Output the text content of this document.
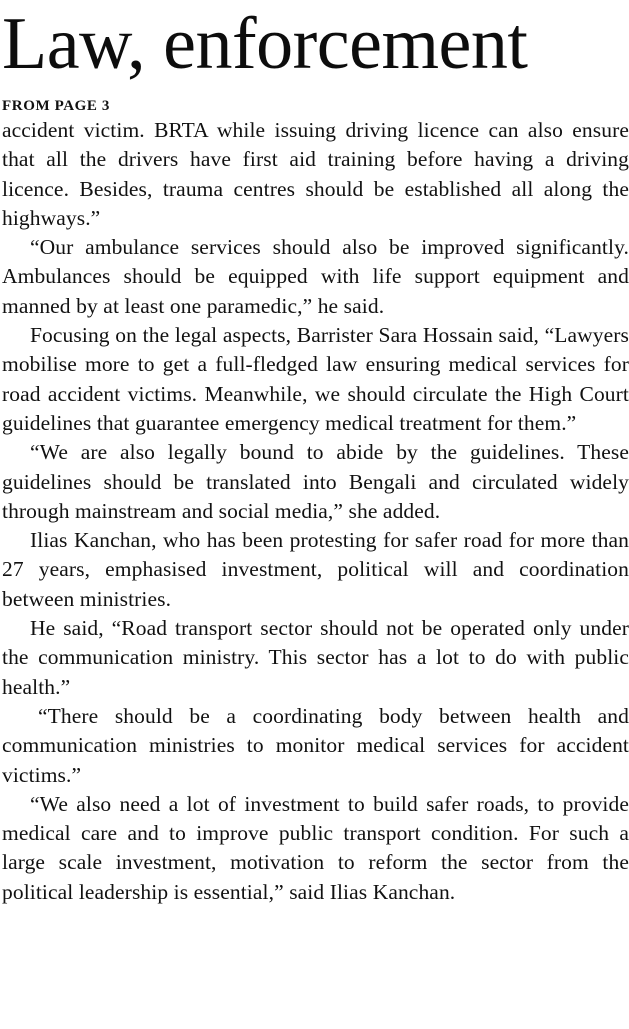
Law, enforcement
FROM PAGE 3

accident victim. BRTA while issuing driving licence can also ensure that all the drivers have first aid training before having a driving licence. Besides, trauma centres should be established all along the highways.”

“Our ambulance services should also be improved significantly. Ambulances should be equipped with life support equipment and manned by at least one paramedic,” he said.

Focusing on the legal aspects, Barrister Sara Hossain said, “Lawyers mobilise more to get a full-fledged law ensuring medical services for road accident victims. Meanwhile, we should circulate the High Court guidelines that guarantee emergency medical treatment for them.”

“We are also legally bound to abide by the guidelines. These guidelines should be translated into Bengali and circulated widely through mainstream and social media,” she added.

Ilias Kanchan, who has been protesting for safer road for more than 27 years, emphasised investment, political will and coordination between ministries.

He said, “Road transport sector should not be operated only under the communication ministry. This sector has a lot to do with public health.”

“There should be a coordinating body between health and communication ministries to monitor medical services for accident victims.”

“We also need a lot of investment to build safer roads, to provide medical care and to improve public transport condition. For such a large scale investment, motivation to reform the sector from the political leadership is essential,” said Ilias Kanchan.
